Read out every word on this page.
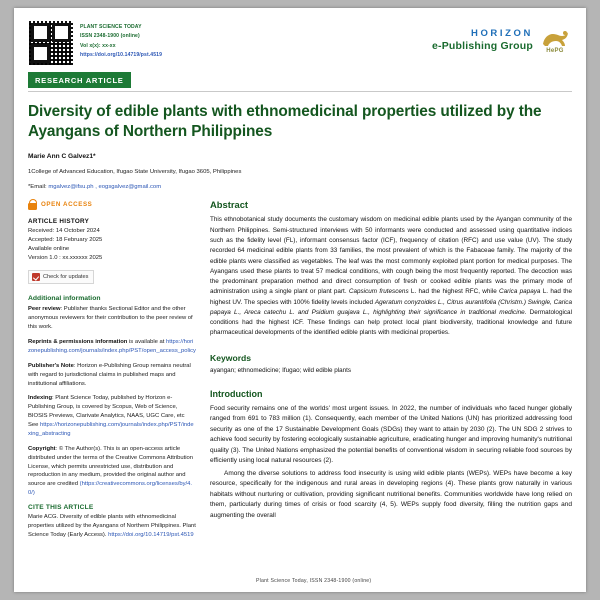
PLANT SCIENCE TODAY
ISSN 2348-1900 (online)
Vol x(x): xx-xx
https://doi.org/10.14719/pst.4519
HORIZON
e-Publishing Group HePG
RESEARCH ARTICLE
Diversity of edible plants with ethnomedicinal properties utilized by the Ayangans of Northern Philippines
Marie Ann C Galvez1*
1College of Advanced Education, Ifugao State University, Ifugao 3605, Philippines
*Email: mgalvez@ifsu.ph , eogsgalvez@gmail.com
OPEN ACCESS
ARTICLE HISTORY
Received: 14 October 2024
Accepted: 18 February 2025
Available online
Version 1.0 : xx.xxxxxx 2025
Check for updates
Additional information
Peer review: Publisher thanks Sectional Editor and the other anonymous reviewers for their contribution to the peer review of this work.
Reprints & permissions information is available at https://horizonepublishing.com/journals/index.php/PST/open_access_policy
Publisher's Note: Horizon e-Publishing Group remains neutral with regard to jurisdictional claims in published maps and institutional affiliations.
Indexing: Plant Science Today, published by Horizon e-Publishing Group, is covered by Scopus, Web of Science, BIOSIS Previews, Clarivate Analytics, NAAS, UGC Care, etc See https://horizonepublishing.com/journals/index.php/PST/indexing_abstracting
Copyright: © The Author(s). This is an open-access article distributed under the terms of the Creative Commons Attribution License, which permits unrestricted use, distribution and reproduction in any medium, provided the original author and source are credited (https://creativecommons.org/licenses/by/4.0/)
CITE THIS ARTICLE
Marie ACG. Diversity of edible plants with ethnomedicinal properties utilized by the Ayangans of Northern Philippines. Plant Science Today (Early Access). https://doi.org/10.14719/pst.4519
Abstract
This ethnobotanical study documents the customary wisdom on medicinal edible plants used by the Ayangan community of the Northern Philippines. Semi-structured interviews with 50 informants were conducted and assessed using quantitative indices such as the fidelity level (FL), informant consensus factor (ICF), frequency of citation (RFC) and use value (UV). The study recorded 64 medicinal edible plants from 33 families, the most prevalent of which is the Fabaceae family. The majority of the edible plants were classified as vegetables. The leaf was the most commonly exploited plant portion for medical purposes. The Ayangans used these plants to treat 57 medical conditions, with cough being the most frequently reported. The decoction was the predominant preparation method and direct consumption of fresh or cooked edible plants was the primary mode of administration using a single plant or plant part. Capsicum frutescens L. had the highest RFC, while Carica papaya L. had the highest UV. The species with 100% fidelity levels included Ageratum conyzoides L., Citrus aurantifolia (Christm.) Swingle, Carica papaya L., Areca catechu L. and Psidium guajava L., highlighting their significance in traditional medicine. Dermatological conditions had the highest ICF. These findings can help protect local plant biodiversity, traditional knowledge and future pharmaceutical developments of the identified edible plants with medicinal properties.
Keywords
ayangan; ethnomedicine; Ifugao; wild edible plants
Introduction

Food security remains one of the worlds' most urgent issues. In 2022, the number of individuals who faced hunger globally ranged from 691 to 783 million (1). Consequently, each member of the United Nations (UN) has prioritized addressing food security as one of the 17 Sustainable Development Goals (SDGs) they want to attain by 2030 (2). The UN SDG 2 strives to achieve food security by fostering ecologically sustainable agriculture, eradicating hunger and improving humanity's nutritional quality (3). The United Nations emphasized the potential benefits of conventional wisdom in securing reliable food sources by efficiently using local natural resources (2).

Among the diverse solutions to address food insecurity is using wild edible plants (WEPs). WEPs have become a key resource, specifically for the indigenous and rural areas in developing regions (4). These plants grow naturally in various habitats without nurturing or cultivation, providing significant nutritional benefits. Communities worldwide have long relied on them, particularly during times of crisis or food scarcity (4, 5). WEPs supply food diversity, filling the nutrition gaps and augmenting the overall

Plant Science Today, ISSN 2348-1900 (online)
